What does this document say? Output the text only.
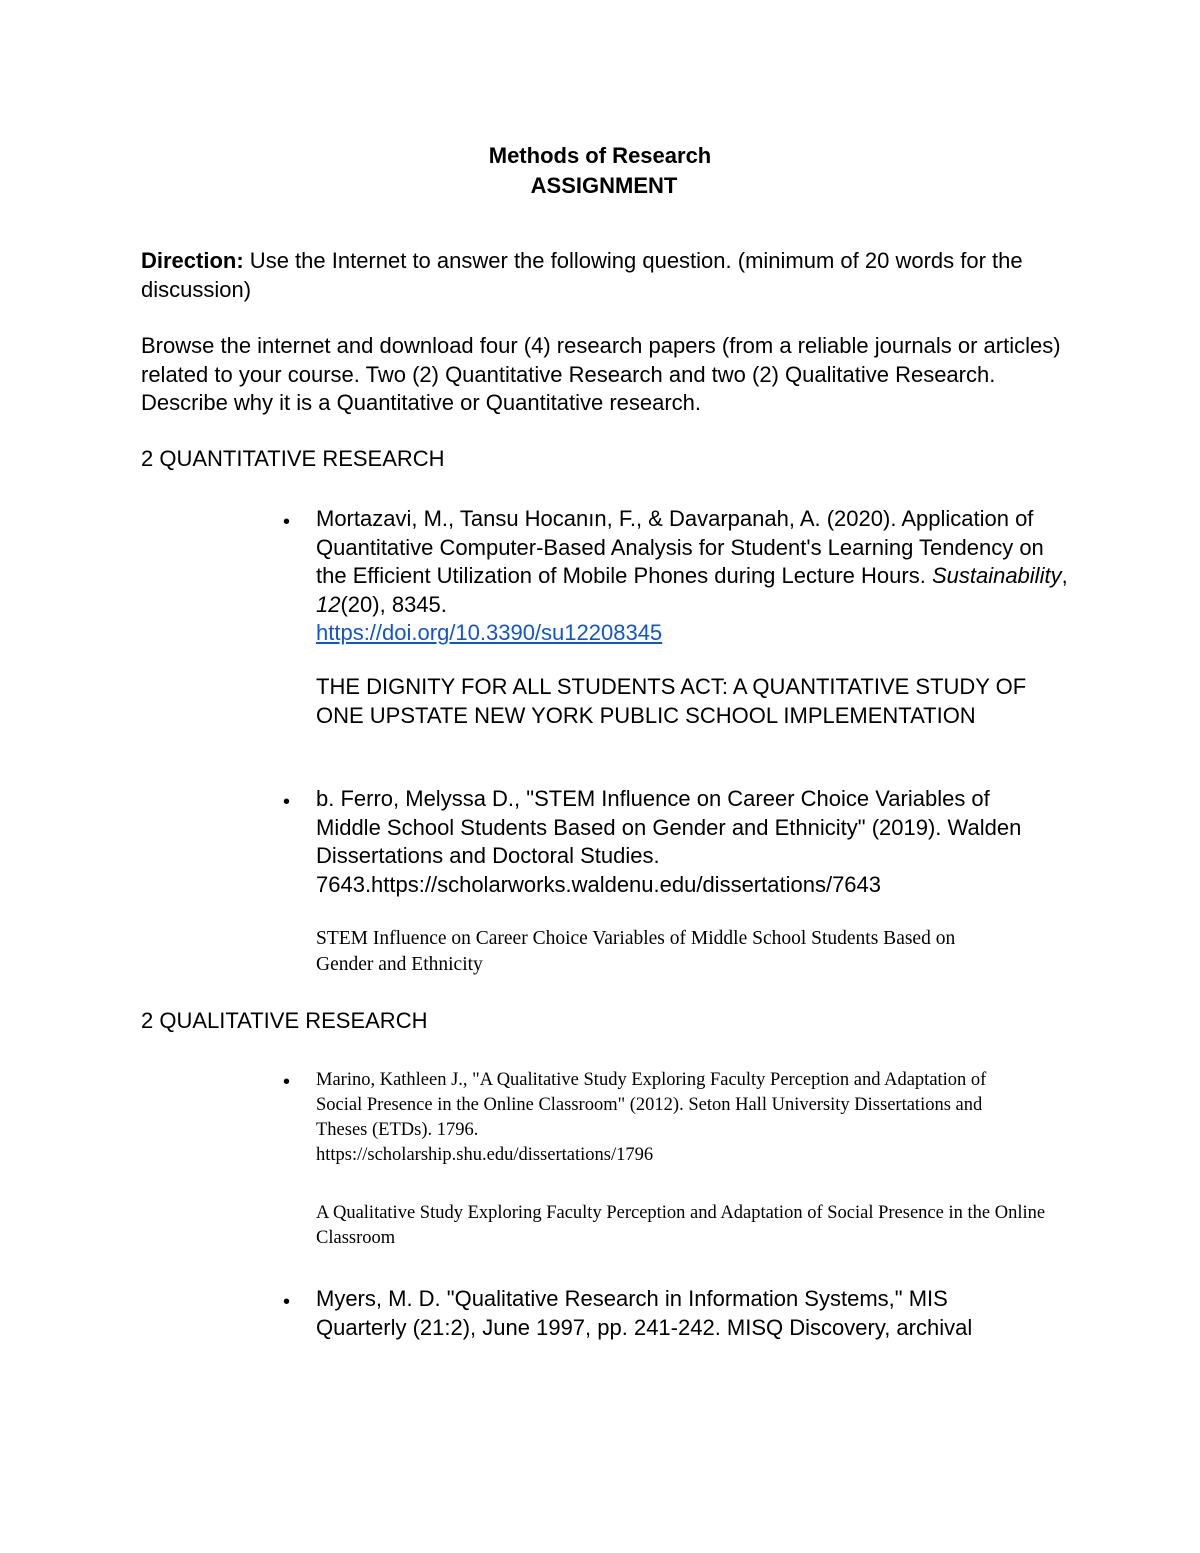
Methods of Research
ASSIGNMENT
Direction: Use the Internet to answer the following question. (minimum of 20 words for the discussion)
Browse the internet and download four (4) research papers (from a reliable journals or articles) related to your course. Two (2) Quantitative Research and two (2) Qualitative Research. Describe why it is a Quantitative or Quantitative research.
2 QUANTITATIVE RESEARCH
• Mortazavi, M., Tansu Hocanın, F., & Davarpanah, A. (2020). Application of Quantitative Computer-Based Analysis for Student's Learning Tendency on the Efficient Utilization of Mobile Phones during Lecture Hours. Sustainability, 12(20), 8345.
https://doi.org/10.3390/su12208345
THE DIGNITY FOR ALL STUDENTS ACT: A QUANTITATIVE STUDY OF ONE UPSTATE NEW YORK PUBLIC SCHOOL IMPLEMENTATION
• b. Ferro, Melyssa D., "STEM Influence on Career Choice Variables of Middle School Students Based on Gender and Ethnicity" (2019). Walden Dissertations and Doctoral Studies. 7643.https://scholarworks.waldenu.edu/dissertations/7643
STEM Influence on Career Choice Variables of Middle School Students Based on Gender and Ethnicity
2 QUALITATIVE RESEARCH
• Marino, Kathleen J., "A Qualitative Study Exploring Faculty Perception and Adaptation of Social Presence in the Online Classroom" (2012). Seton Hall University Dissertations and Theses (ETDs). 1796.
https://scholarship.shu.edu/dissertations/1796
A Qualitative Study Exploring Faculty Perception and Adaptation of Social Presence in the Online Classroom
• Myers, M. D. "Qualitative Research in Information Systems," MIS
Quarterly (21:2), June 1997, pp. 241-242. MISQ Discovery, archival
